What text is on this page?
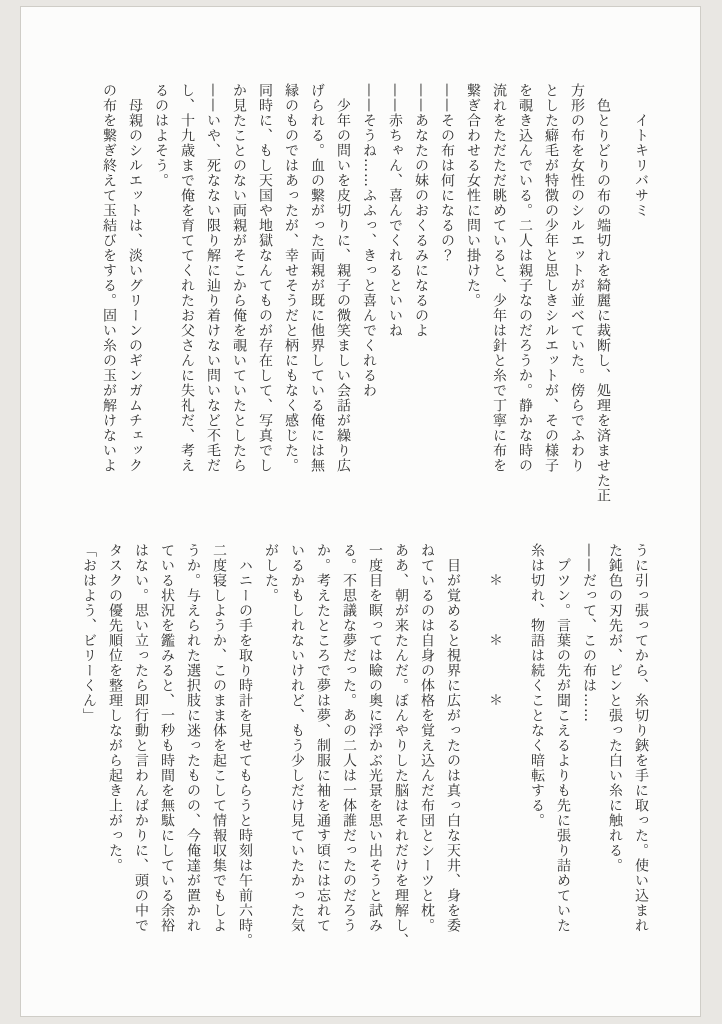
　　イトキリバサミ
　色とりどりの布の端切れを綺麗に裁断し、処理を済ませた正
方形の布を女性のシルエットが並べていた。傍らでふわり
とした癖毛が特徴の少年と思しきシルエットが、その様子
を覗き込んでいる。二人は親子なのだろうか。静かな時の
流れをただただ眺めていると、少年は針と糸で丁寧に布を
繋ぎ合わせる女性に問い掛けた。
——その布は何になるの？
——あなたの妹のおくるみになるのよ
——赤ちゃん、喜んでくれるといいね
——そうね……ふふっ、きっと喜んでくれるわ
　少年の問いを皮切りに、親子の微笑ましい会話が繰り広
げられる。血の繋がった両親が既に他界している俺には無
縁のものではあったが、幸せそうだと柄にもなく感じた。
同時に、もし天国や地獄なんてものが存在して、写真でし
か見たことのない両親がそこから俺を覗いていたとしたら
——いや、死なない限り解に辿り着けない問いなど不毛だ
し、十九歳まで俺を育ててくれたお父さんに失礼だ、考え
るのはよそう。
　母親のシルエットは、淡いグリーンのギンガムチェック
の布を繋ぎ終えて玉結びをする。固い糸の玉が解けないよ
うに引っ張ってから、糸切り鋏を手に取った。使い込まれ
た鈍色の刃先が、ピンと張った白い糸に触れる。
——だって、この布は……
　プツン。言葉の先が聞こえるよりも先に張り詰めていた
糸は切れ、物語は続くことなく暗転する。
　　＊　　　＊　　　＊
　目が覚めると視界に広がったのは真っ白な天井、身を委
ねているのは自身の体格を覚え込んだ布団とシーツと枕。
ああ、朝が来たんだ。ぼんやりした脳はそれだけを理解し、
一度目を瞑っては瞼の奥に浮かぶ光景を思い出そうと試み
る。不思議な夢だった。あの二人は一体誰だったのだろう
か。考えたところで夢は夢、制服に袖を通す頃には忘れて
いるかもしれないけれど、もう少しだけ見ていたかった気
がした。
　ハニーの手を取り時計を見せてもらうと時刻は午前六時。
二度寝しようか、このまま体を起こして情報収集でもしよ
うか。与えられた選択肢に迷ったものの、今俺達が置かれ
ている状況を鑑みると、一秒も時間を無駄にしている余裕
はない。思い立ったら即行動と言わんばかりに、頭の中で
タスクの優先順位を整理しながら起き上がった。
「おはよう、ビリーくん」
